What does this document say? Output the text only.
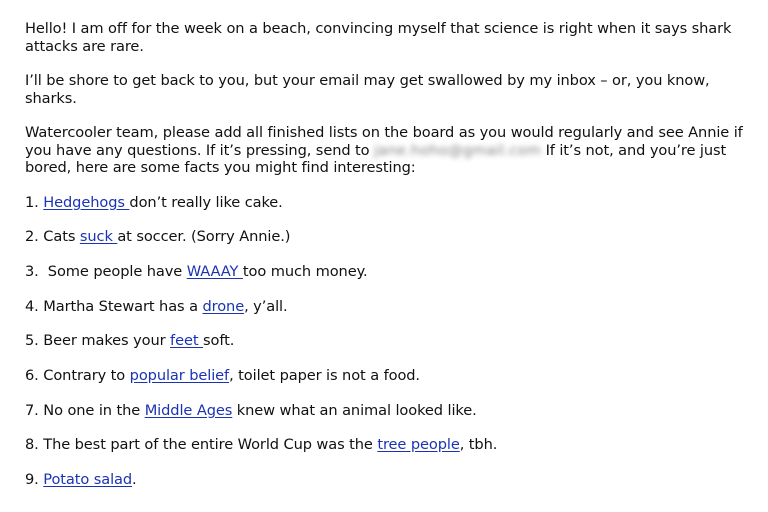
Hello! I am off for the week on a beach, convincing myself that science is right when it says shark attacks are rare.

I’ll be shore to get back to you, but your email may get swallowed by my inbox – or, you know, sharks.

Watercooler team, please add all finished lists on the board as you would regularly and see Annie if you have any questions. If it’s pressing, send to jane.hoho@gmail.com If it’s not, and you’re just bored, here are some facts you might find interesting:

1. Hedgehogs don’t really like cake.
2. Cats suck at soccer. (Sorry Annie.)
3.  Some people have WAAAY too much money.
4. Martha Stewart has a drone, y’all.
5. Beer makes your feet soft.
6. Contrary to popular belief, toilet paper is not a food.
7. No one in the Middle Ages knew what an animal looked like.
8. The best part of the entire World Cup was the tree people, tbh.
9. Potato salad.
